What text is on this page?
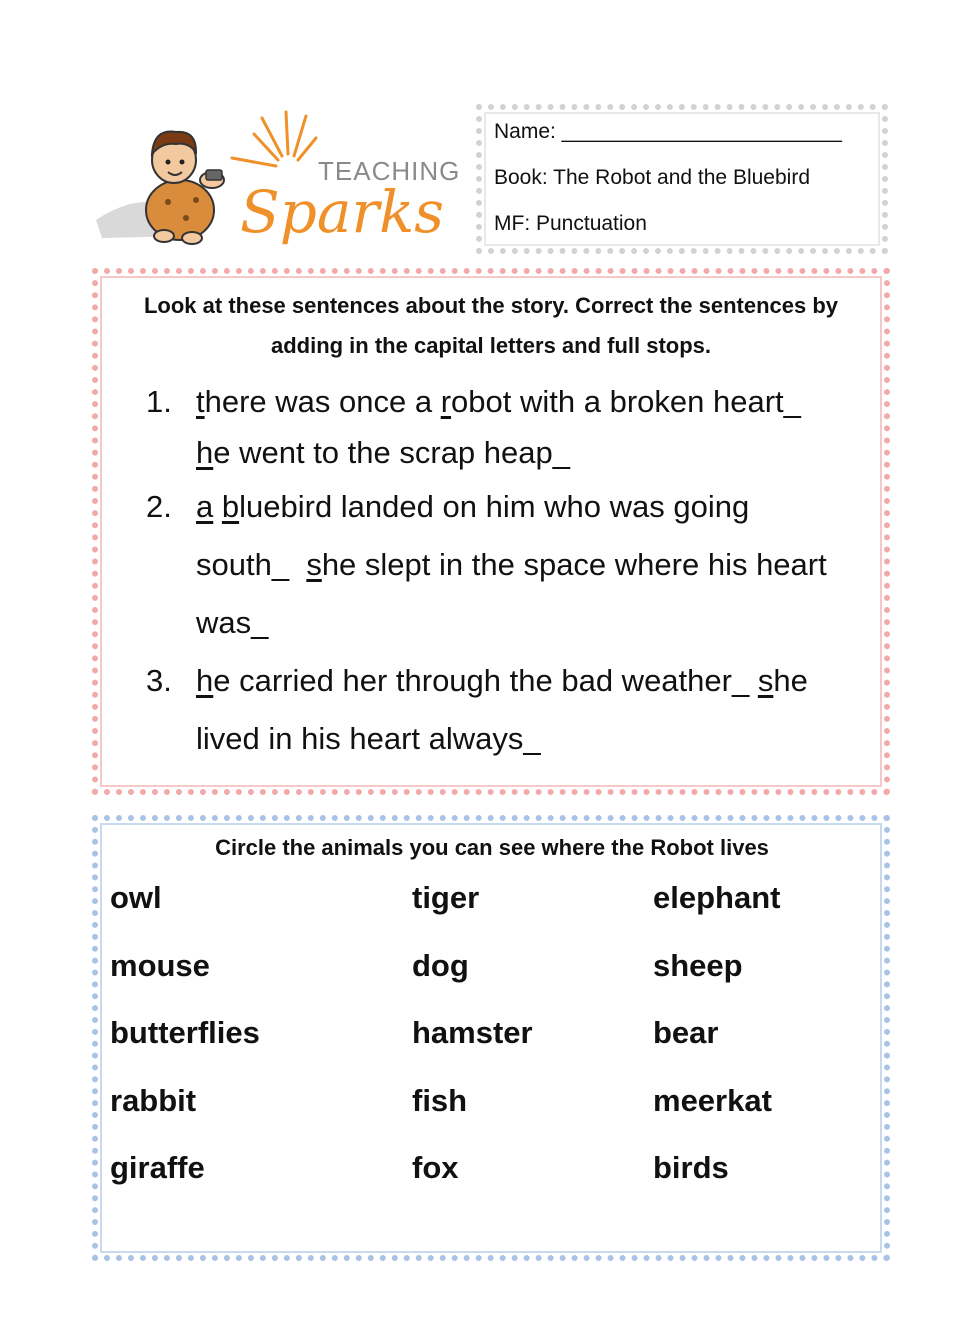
TEACHING
Sparks
Name: ________________________
Book: The Robot and the Bluebird
MF: Punctuation

Look at these sentences about the story. Correct the sentences by adding in the capital letters and full stops.

1. there was once a robot with a broken heart_
he went to the scrap heap_
2. a bluebird landed on him who was going
south_  she slept in the space where his heart
was_
3. he carried her through the bad weather_ she
lived in his heart always_

Circle the animals you can see where the Robot lives

owl	tiger	elephant
mouse	dog	sheep
butterflies	hamster	bear
rabbit	fish	meerkat
giraffe	fox	birds
